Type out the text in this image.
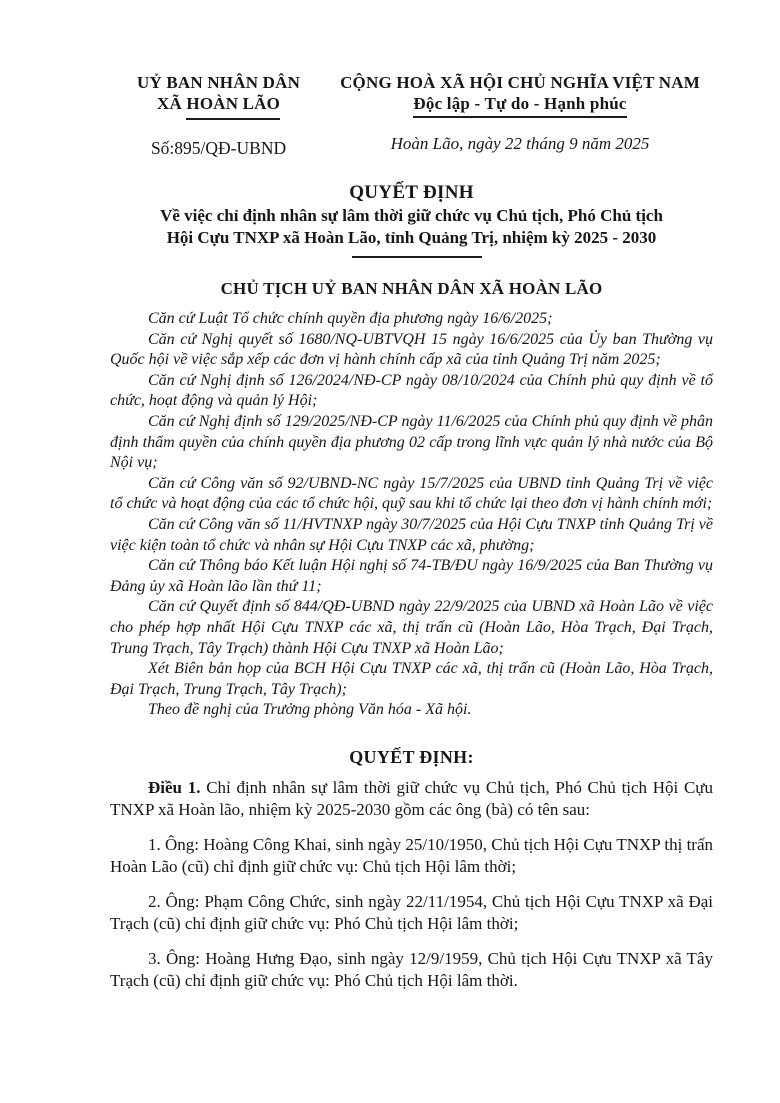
UỶ BAN NHÂN DÂN
XÃ HOÀN LÃO
Số:895/QĐ-UBND
CỘNG HOÀ XÃ HỘI CHỦ NGHĨA VIỆT NAM
Độc lập - Tự do - Hạnh phúc
Hoàn Lão, ngày 22 tháng 9 năm 2025
QUYẾT ĐỊNH
Về việc chỉ định nhân sự lâm thời giữ chức vụ Chủ tịch, Phó Chủ tịch
Hội Cựu TNXP xã Hoàn Lão, tỉnh Quảng Trị, nhiệm kỳ 2025 - 2030
CHỦ TỊCH UỶ BAN NHÂN DÂN XÃ HOÀN LÃO

Căn cứ Luật Tổ chức chính quyền địa phương ngày 16/6/2025;

Căn cứ Nghị quyết số 1680/NQ-UBTVQH 15 ngày 16/6/2025 của Ủy ban Thường vụ Quốc hội về việc sắp xếp các đơn vị hành chính cấp xã của tỉnh Quảng Trị năm 2025;

Căn cứ Nghị định số 126/2024/NĐ-CP ngày 08/10/2024 của Chính phủ quy định về tổ chức, hoạt động và quản lý Hội;

Căn cứ Nghị định số 129/2025/NĐ-CP ngày 11/6/2025 của Chính phủ quy định về phân định thẩm quyền của chính quyền địa phương 02 cấp trong lĩnh vực quản lý nhà nước của Bộ Nội vụ;

Căn cứ Công văn số 92/UBND-NC ngày 15/7/2025 của UBND tỉnh Quảng Trị về việc tổ chức và hoạt động của các tổ chức hội, quỹ sau khi tổ chức lại theo đơn vị hành chính mới;

Căn cứ Công văn số 11/HVTNXP ngày 30/7/2025 của Hội Cựu TNXP tỉnh Quảng Trị về việc kiện toàn tổ chức và nhân sự Hội Cựu TNXP các xã, phường;

Căn cứ Thông báo Kết luận Hội nghị số 74-TB/ĐU ngày 16/9/2025 của Ban Thường vụ Đảng ủy xã Hoàn lão lần thứ 11;

Căn cứ Quyết định số 844/QĐ-UBND ngày 22/9/2025 của UBND xã Hoàn Lão về việc cho phép hợp nhất Hội Cựu TNXP các xã, thị trấn cũ (Hoàn Lão, Hòa Trạch, Đại Trạch, Trung Trạch, Tây Trạch) thành Hội Cựu TNXP xã Hoàn Lão;

Xét Biên bản họp của BCH Hội Cựu TNXP các xã, thị trấn cũ (Hoàn Lão, Hòa Trạch, Đại Trạch, Trung Trạch, Tây Trạch);

Theo đề nghị của Trưởng phòng Văn hóa - Xã hội.

QUYẾT ĐỊNH:

Điều 1. Chỉ định nhân sự lâm thời giữ chức vụ Chủ tịch, Phó Chủ tịch Hội Cựu TNXP xã Hoàn lão, nhiệm kỳ 2025-2030 gồm các ông (bà) có tên sau:

1. Ông: Hoàng Công Khai, sinh ngày 25/10/1950, Chủ tịch Hội Cựu TNXP thị trấn Hoàn Lão (cũ) chỉ định giữ chức vụ: Chủ tịch Hội lâm thời;

2. Ông: Phạm Công Chức, sinh ngày 22/11/1954, Chủ tịch Hội Cựu TNXP xã Đại Trạch (cũ) chỉ định giữ chức vụ: Phó Chủ tịch Hội lâm thời;

3. Ông: Hoàng Hưng Đạo, sinh ngày 12/9/1959, Chủ tịch Hội Cựu TNXP xã Tây Trạch (cũ) chỉ định giữ chức vụ: Phó Chủ tịch Hội lâm thời.
